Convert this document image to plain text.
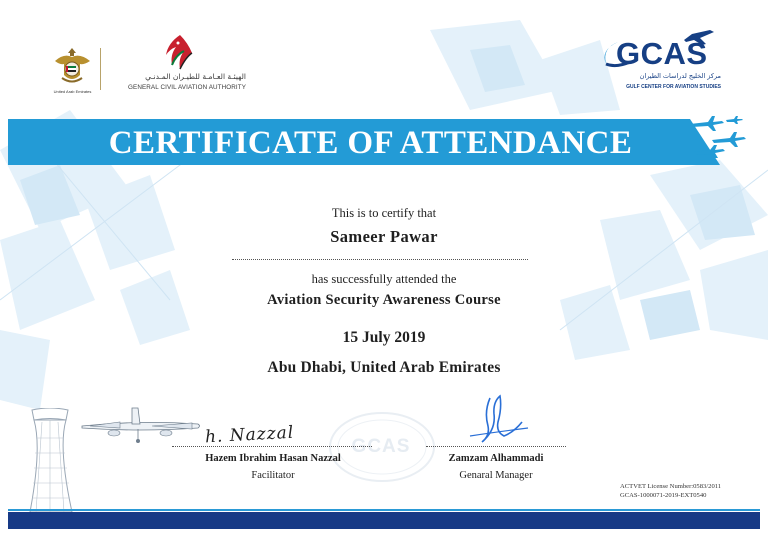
United Arab Emirates
الهيئـة العـامـة للطيـران المـدنـي
GENERAL CIVIL AVIATION AUTHORITY
GCAS
مركز الخليج لدراسات الطيران
GULF CENTER FOR AVIATION STUDIES
CERTIFICATE OF ATTENDANCE
This is to certify that
Sameer Pawar
has successfully attended the
Aviation Security Awareness Course
15 July 2019
Abu Dhabi, United Arab Emirates
GCAS
h. Nazzal
Hazem Ibrahim Hasan Nazzal
Facilitator
Zamzam Alhammadi
Genaral Manager
ACTVET License Number:0583/2011
GCAS-1000071-2019-EXT0540
